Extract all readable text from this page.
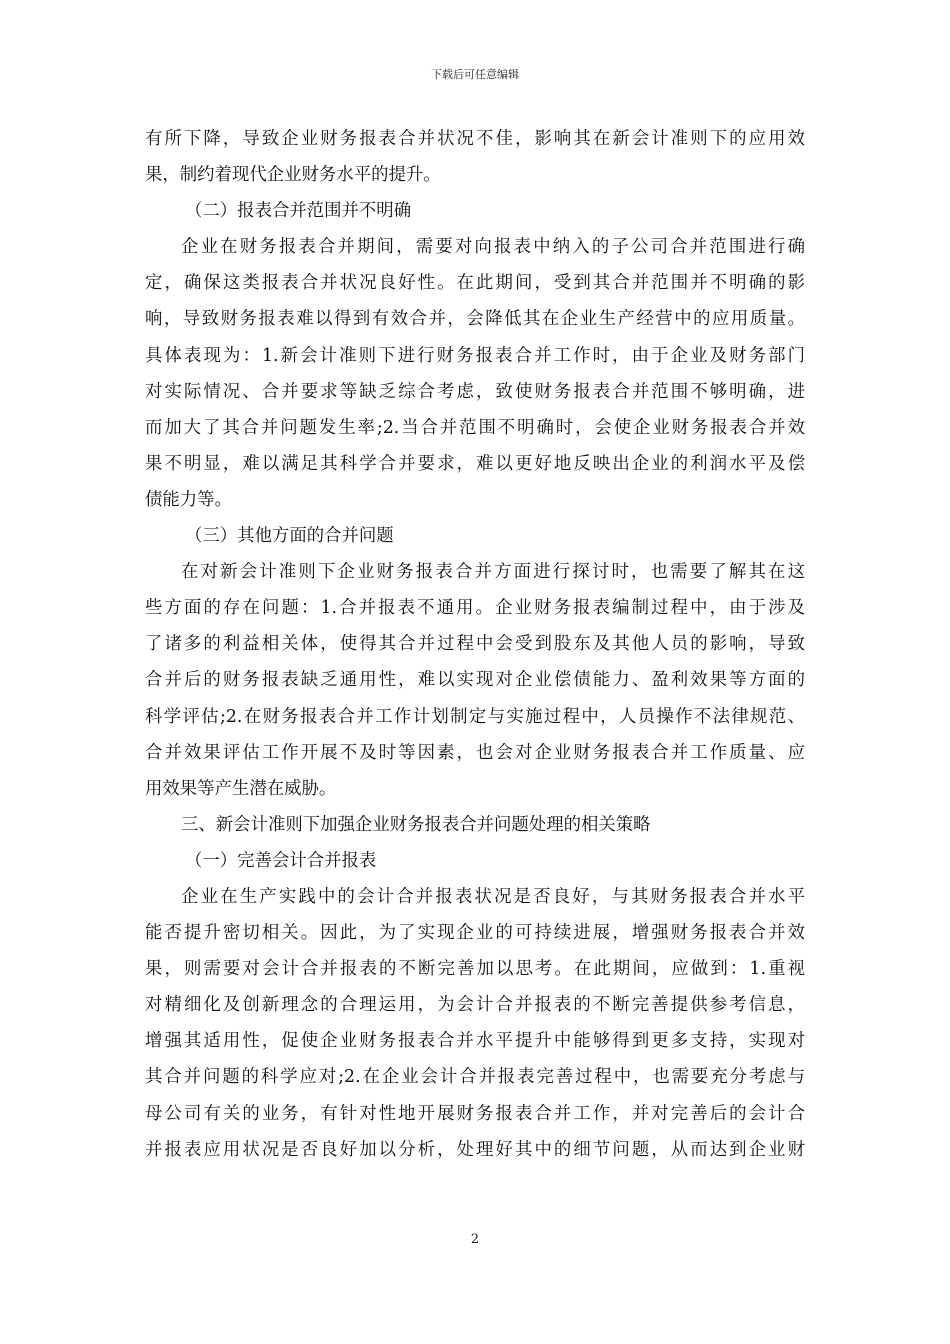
下载后可任意编辑
有所下降，导致企业财务报表合并状况不佳，影响其在新会计准则下的应用效
果，制约着现代企业财务水平的提升。
（二）报表合并范围并不明确
企业在财务报表合并期间，需要对向报表中纳入的子公司合并范围进行确
定，确保这类报表合并状况良好性。在此期间，受到其合并范围并不明确的影
响，导致财务报表难以得到有效合并，会降低其在企业生产经营中的应用质量。
具体表现为：1.新会计准则下进行财务报表合并工作时，由于企业及财务部门
对实际情况、合并要求等缺乏综合考虑，致使财务报表合并范围不够明确，进
而加大了其合并问题发生率;2.当合并范围不明确时，会使企业财务报表合并效
果不明显，难以满足其科学合并要求，难以更好地反映出企业的利润水平及偿
债能力等。
（三）其他方面的合并问题
在对新会计准则下企业财务报表合并方面进行探讨时，也需要了解其在这
些方面的存在问题：1.合并报表不通用。企业财务报表编制过程中，由于涉及
了诸多的利益相关体，使得其合并过程中会受到股东及其他人员的影响，导致
合并后的财务报表缺乏通用性，难以实现对企业偿债能力、盈利效果等方面的
科学评估;2.在财务报表合并工作计划制定与实施过程中，人员操作不法律规范、
合并效果评估工作开展不及时等因素，也会对企业财务报表合并工作质量、应
用效果等产生潜在威胁。
三、新会计准则下加强企业财务报表合并问题处理的相关策略
（一）完善会计合并报表
企业在生产实践中的会计合并报表状况是否良好，与其财务报表合并水平
能否提升密切相关。因此，为了实现企业的可持续进展，增强财务报表合并效
果，则需要对会计合并报表的不断完善加以思考。在此期间，应做到：1.重视
对精细化及创新理念的合理运用，为会计合并报表的不断完善提供参考信息，
增强其适用性，促使企业财务报表合并水平提升中能够得到更多支持，实现对
其合并问题的科学应对;2.在企业会计合并报表完善过程中，也需要充分考虑与
母公司有关的业务，有针对性地开展财务报表合并工作，并对完善后的会计合
并报表应用状况是否良好加以分析，处理好其中的细节问题，从而达到企业财
2
